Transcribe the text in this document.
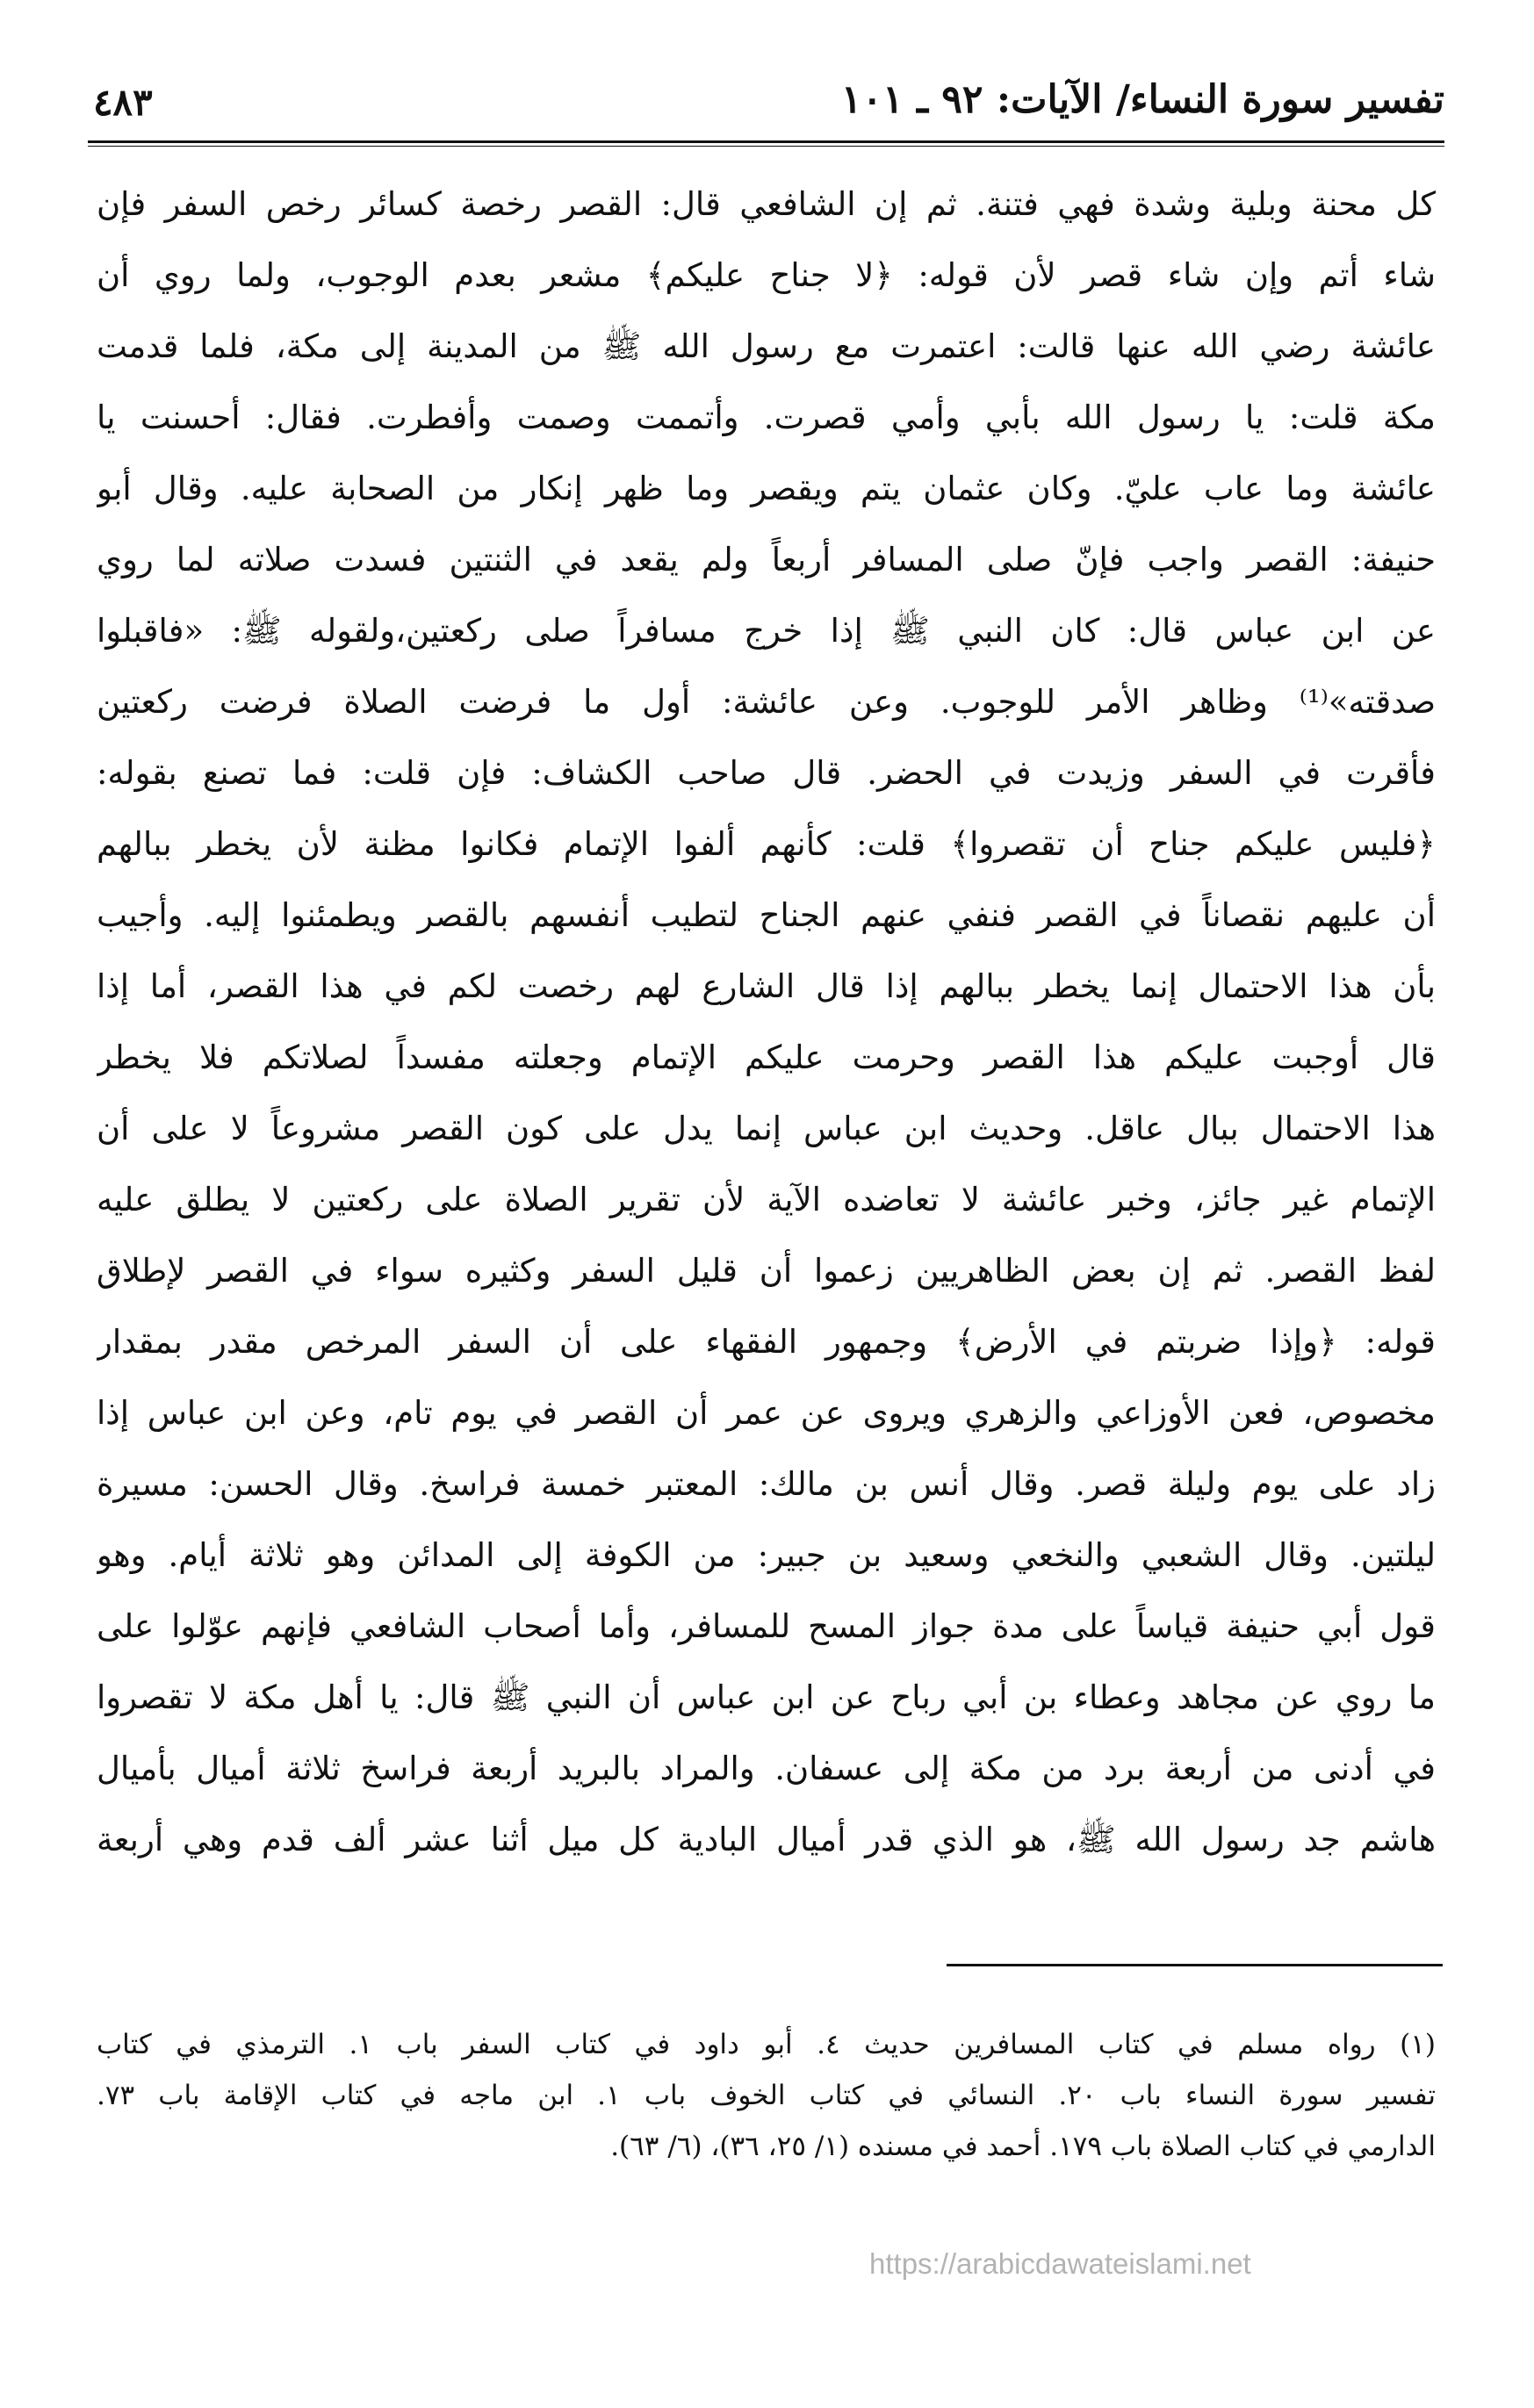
تفسير سورة النساء/ الآيات: ٩٢ ـ ١٠١
٤٨٣
كل محنة وبلية وشدة فهي فتنة. ثم إن الشافعي قال: القصر رخصة كسائر رخص السفر فإن
شاء أتم وإن شاء قصر لأن قوله: ﴿لا جناح عليكم﴾ مشعر بعدم الوجوب، ولما روي أن
عائشة رضي الله عنها قالت: اعتمرت مع رسول الله ﷺ من المدينة إلى مكة، فلما قدمت
مكة قلت: يا رسول الله بأبي وأمي قصرت. وأتممت وصمت وأفطرت. فقال: أحسنت يا
عائشة وما عاب عليّ. وكان عثمان يتم ويقصر وما ظهر إنكار من الصحابة عليه. وقال أبو
حنيفة: القصر واجب فإنّ صلى المسافر أربعاً ولم يقعد في الثنتين فسدت صلاته لما روي
عن ابن عباس قال: كان النبي ﷺ إذا خرج مسافراً صلى ركعتين،ولقوله ﷺ: «فاقبلوا
صدقته»⁽¹⁾ وظاهر الأمر للوجوب. وعن عائشة: أول ما فرضت الصلاة فرضت ركعتين
فأقرت في السفر وزيدت في الحضر. قال صاحب الكشاف: فإن قلت: فما تصنع بقوله:
﴿فليس عليكم جناح أن تقصروا﴾ قلت: كأنهم ألفوا الإتمام فكانوا مظنة لأن يخطر ببالهم
أن عليهم نقصاناً في القصر فنفي عنهم الجناح لتطيب أنفسهم بالقصر ويطمئنوا إليه. وأجيب
بأن هذا الاحتمال إنما يخطر ببالهم إذا قال الشارع لهم رخصت لكم في هذا القصر، أما إذا
قال أوجبت عليكم هذا القصر وحرمت عليكم الإتمام وجعلته مفسداً لصلاتكم فلا يخطر
هذا الاحتمال ببال عاقل. وحديث ابن عباس إنما يدل على كون القصر مشروعاً لا على أن
الإتمام غير جائز، وخبر عائشة لا تعاضده الآية لأن تقرير الصلاة على ركعتين لا يطلق عليه
لفظ القصر. ثم إن بعض الظاهريين زعموا أن قليل السفر وكثيره سواء في القصر لإطلاق
قوله: ﴿وإذا ضربتم في الأرض﴾ وجمهور الفقهاء على أن السفر المرخص مقدر بمقدار
مخصوص، فعن الأوزاعي والزهري ويروى عن عمر أن القصر في يوم تام، وعن ابن عباس إذا
زاد على يوم وليلة قصر. وقال أنس بن مالك: المعتبر خمسة فراسخ. وقال الحسن: مسيرة
ليلتين. وقال الشعبي والنخعي وسعيد بن جبير: من الكوفة إلى المدائن وهو ثلاثة أيام. وهو
قول أبي حنيفة قياساً على مدة جواز المسح للمسافر، وأما أصحاب الشافعي فإنهم عوّلوا على
ما روي عن مجاهد وعطاء بن أبي رباح عن ابن عباس أن النبي ﷺ قال: يا أهل مكة لا تقصروا
في أدنى من أربعة برد من مكة إلى عسفان. والمراد بالبريد أربعة فراسخ ثلاثة أميال بأميال
هاشم جد رسول الله ﷺ، هو الذي قدر أميال البادية كل ميل أثنا عشر ألف قدم وهي أربعة
(١) رواه مسلم في كتاب المسافرين حديث ٤. أبو داود في كتاب السفر باب ١. الترمذي في كتاب
تفسير سورة النساء باب ٢٠. النسائي في كتاب الخوف باب ١. ابن ماجه في كتاب الإقامة باب ٧٣.
الدارمي في كتاب الصلاة باب ١٧٩. أحمد في مسنده (١/ ٢٥، ٣٦)، (٦/ ٦٣).
https://arabicdawateislami.net
